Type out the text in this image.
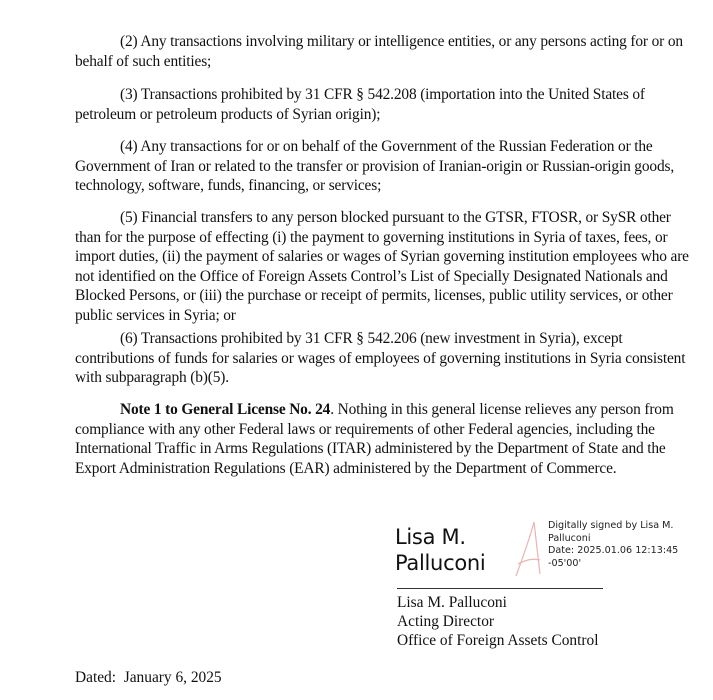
(2) Any transactions involving military or intelligence entities, or any persons acting for or on behalf of such entities;

(3) Transactions prohibited by 31 CFR § 542.208 (importation into the United States of petroleum or petroleum products of Syrian origin);

(4) Any transactions for or on behalf of the Government of the Russian Federation or the Government of Iran or related to the transfer or provision of Iranian-origin or Russian-origin goods, technology, software, funds, financing, or services;

(5) Financial transfers to any person blocked pursuant to the GTSR, FTOSR, or SySR other than for the purpose of effecting (i) the payment to governing institutions in Syria of taxes, fees, or import duties, (ii) the payment of salaries or wages of Syrian governing institution employees who are not identified on the Office of Foreign Assets Control’s List of Specially Designated Nationals and Blocked Persons, or (iii) the purchase or receipt of permits, licenses, public utility services, or other public services in Syria; or

(6) Transactions prohibited by 31 CFR § 542.206 (new investment in Syria), except contributions of funds for salaries or wages of employees of governing institutions in Syria consistent with subparagraph (b)(5).

Note 1 to General License No. 24. Nothing in this general license relieves any person from compliance with any other Federal laws or requirements of other Federal agencies, including the International Traffic in Arms Regulations (ITAR) administered by the Department of State and the Export Administration Regulations (EAR) administered by the Department of Commerce.

Lisa M.
Palluconi
Digitally signed by Lisa M.
Palluconi
Date: 2025.01.06 12:13:45
-05'00'
Lisa M. Palluconi
Acting Director
Office of Foreign Assets Control
Dated: January 6, 2025
